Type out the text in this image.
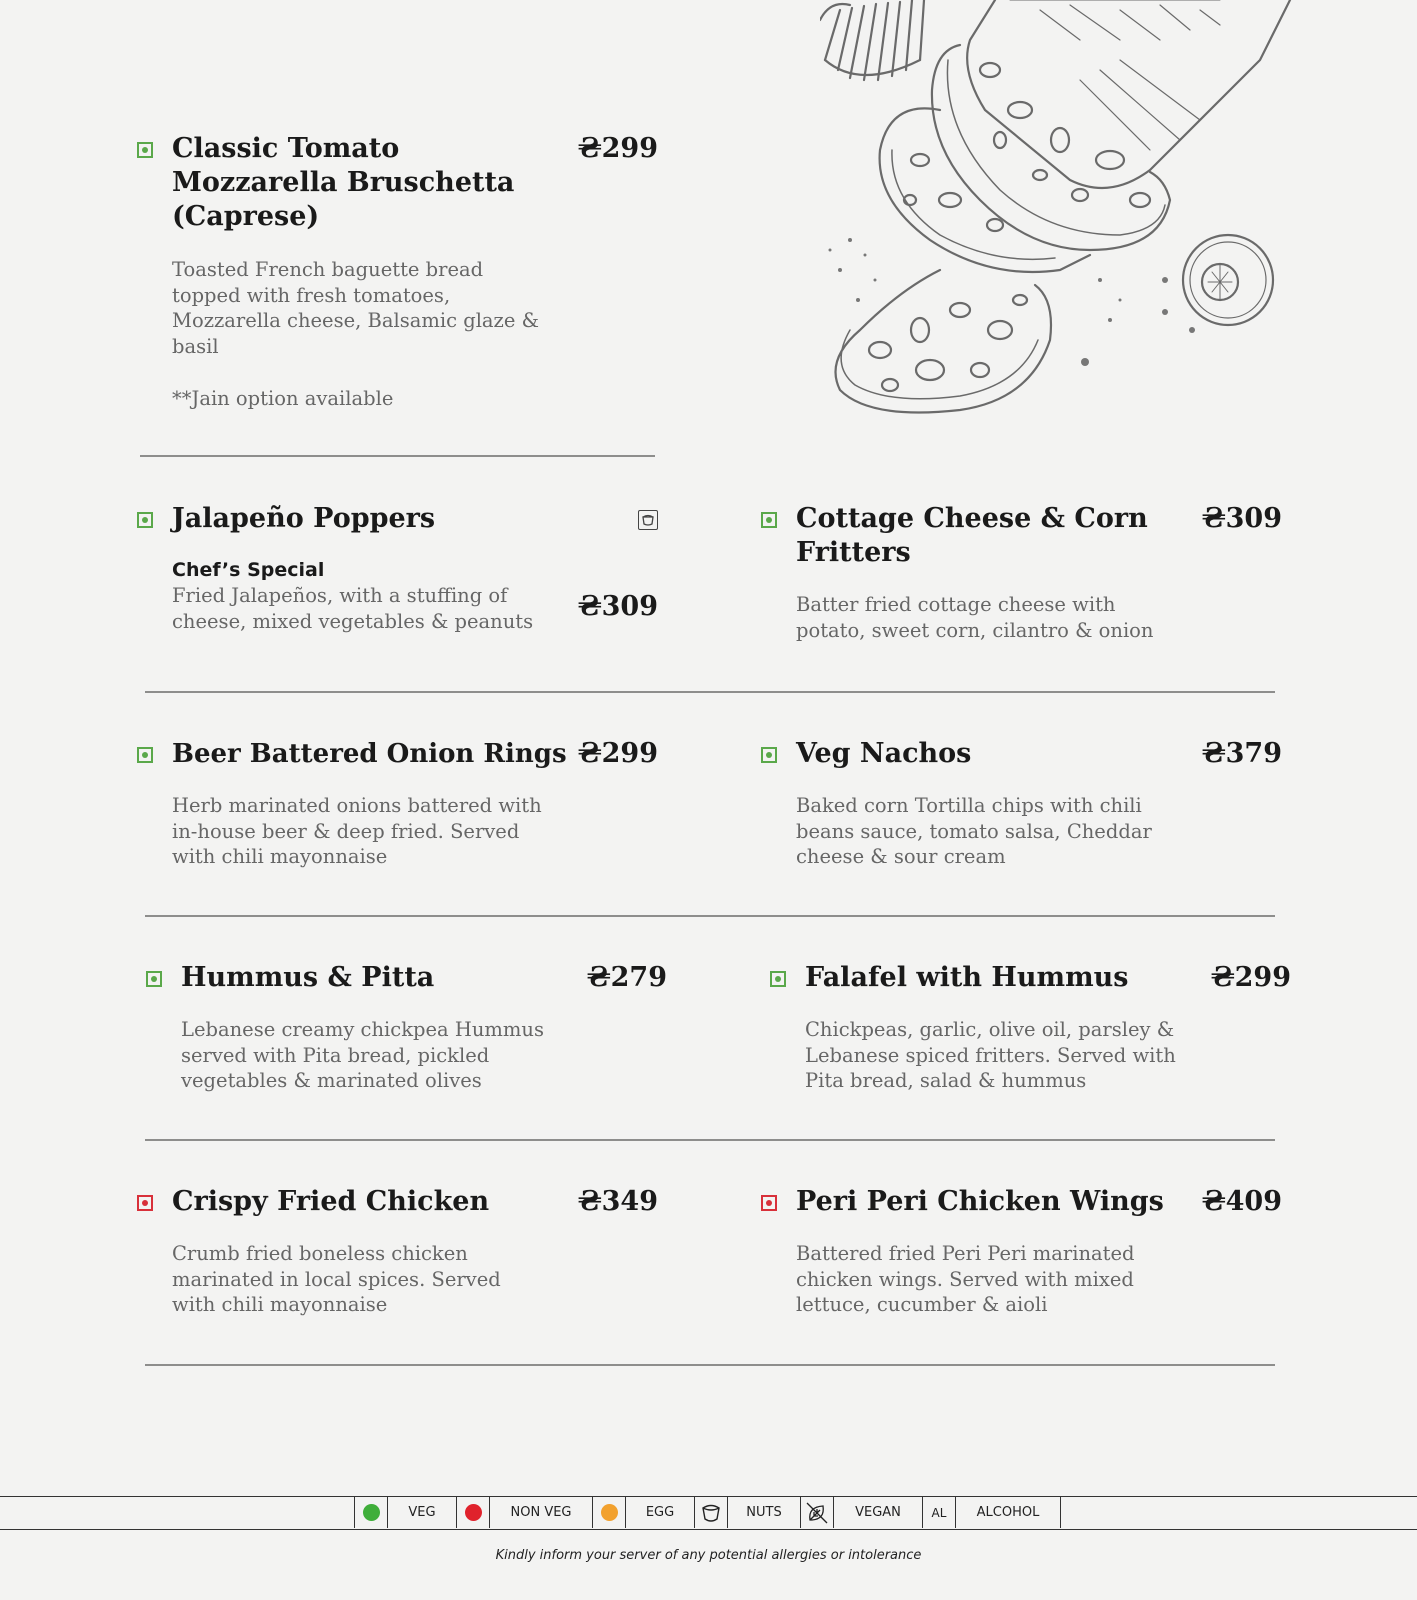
Classic Tomato Mozzarella Bruschetta (Caprese)
₴299
Toasted French baguette bread topped with fresh tomatoes, Mozzarella cheese, Balsamic glaze & basil
**Jain option available
Jalapeño Poppers
Chef’s Special
Fried Jalapeños, with a stuffing of cheese, mixed vegetables & peanuts	₴309
Cottage Cheese & Corn Fritters
₴309
Batter fried cottage cheese with potato, sweet corn, cilantro & onion
Beer Battered Onion Rings ₴299
Herb marinated onions battered with in-house beer & deep fried. Served with chili mayonnaise
Veg Nachos	₴379
Baked corn Tortilla chips with chili beans sauce, tomato salsa, Cheddar cheese & sour cream
Hummus & Pitta	₴279
Lebanese creamy chickpea Hummus served with Pita bread, pickled vegetables & marinated olives
Falafel with Hummus	₴299
Chickpeas, garlic, olive oil, parsley & Lebanese spiced fritters. Served with Pita bread, salad & hummus
Crispy Fried Chicken	₴349
Crumb fried boneless chicken marinated in local spices. Served with chili mayonnaise
Peri Peri Chicken Wings	₴409
Battered fried Peri Peri marinated chicken wings. Served with mixed lettuce, cucumber & aioli
VEG	NON VEG	EGG	NUTS	VEGAN	AL	ALCOHOL
Kindly inform your server of any potential allergies or intolerance
